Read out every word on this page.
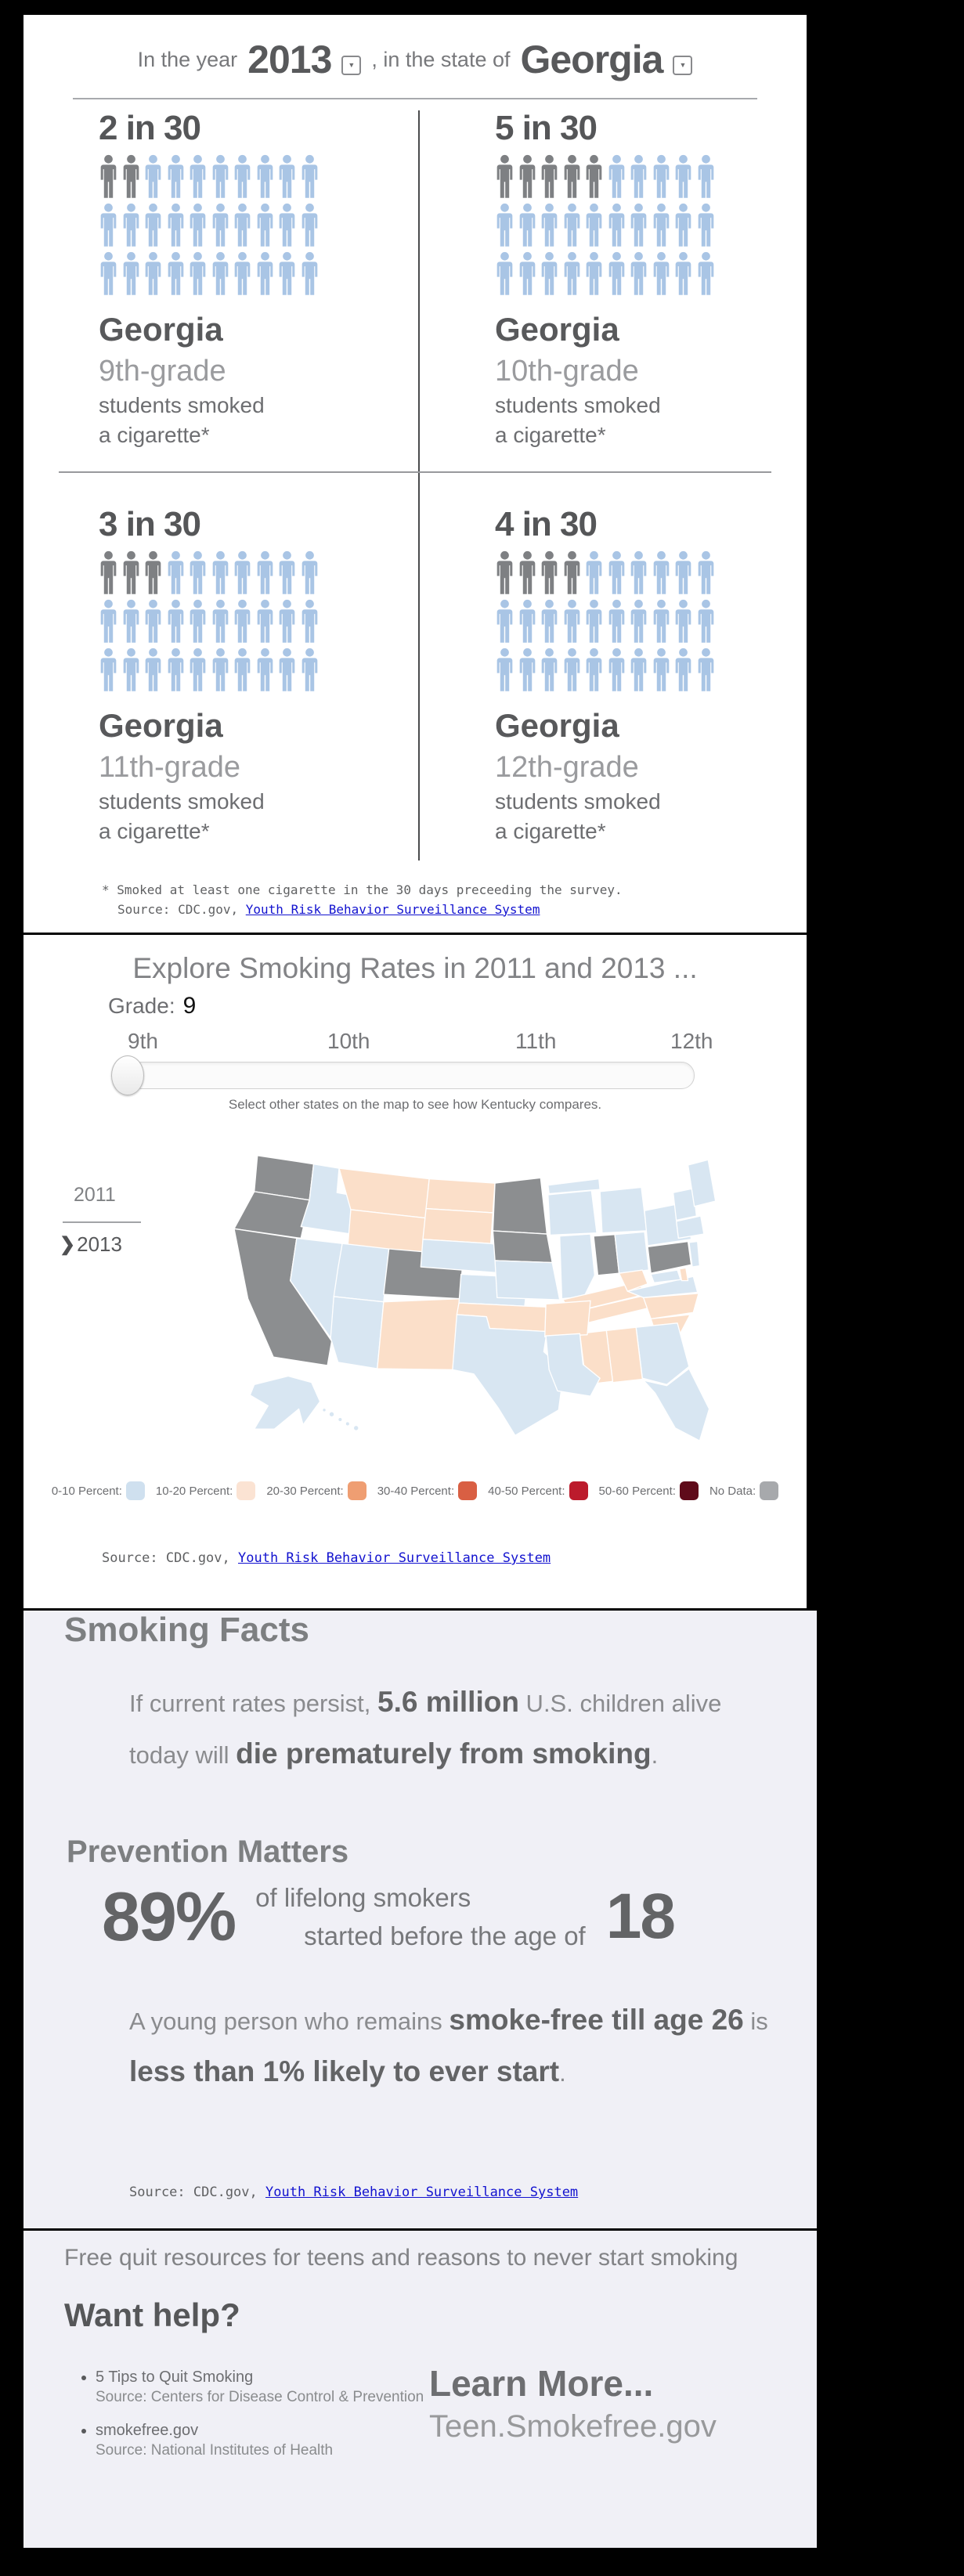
In the year 2013 ▼ , in the state of Georgia ▼
2 in 30
Georgia
9th-grade
students smoked
a cigarette*
5 in 30
Georgia
10th-grade
students smoked
a cigarette*
3 in 30
Georgia
11th-grade
students smoked
a cigarette*
4 in 30
Georgia
12th-grade
students smoked
a cigarette*
* Smoked at least one cigarette in the 30 days preceeding the survey.
Source: CDC.gov, Youth Risk Behavior Surveillance System
Explore Smoking Rates in 2011 and 2013 ...
Grade: 9
9th	10th	11th	12th
Select other states on the map to see how Kentucky compares.
2011
❯ 2013
0-10 Percent:	10-20 Percent:	20-30 Percent:	30-40 Percent:	40-50 Percent:	50-60 Percent:	No Data:
Source: CDC.gov, Youth Risk Behavior Surveillance System
Smoking Facts
If current rates persist, 5.6 million U.S. children alive today will die prematurely from smoking.
Prevention Matters
89% of lifelong smokers
started before the age of 18
A young person who remains smoke-free till age 26 is less than 1% likely to ever start.
Source: CDC.gov, Youth Risk Behavior Surveillance System
Free quit resources for teens and reasons to never start smoking
Want help?
• 5 Tips to Quit Smoking
Source: Centers for Disease Control & Prevention
• smokefree.gov
Source: National Institutes of Health
Learn More...
Teen.Smokefree.gov
